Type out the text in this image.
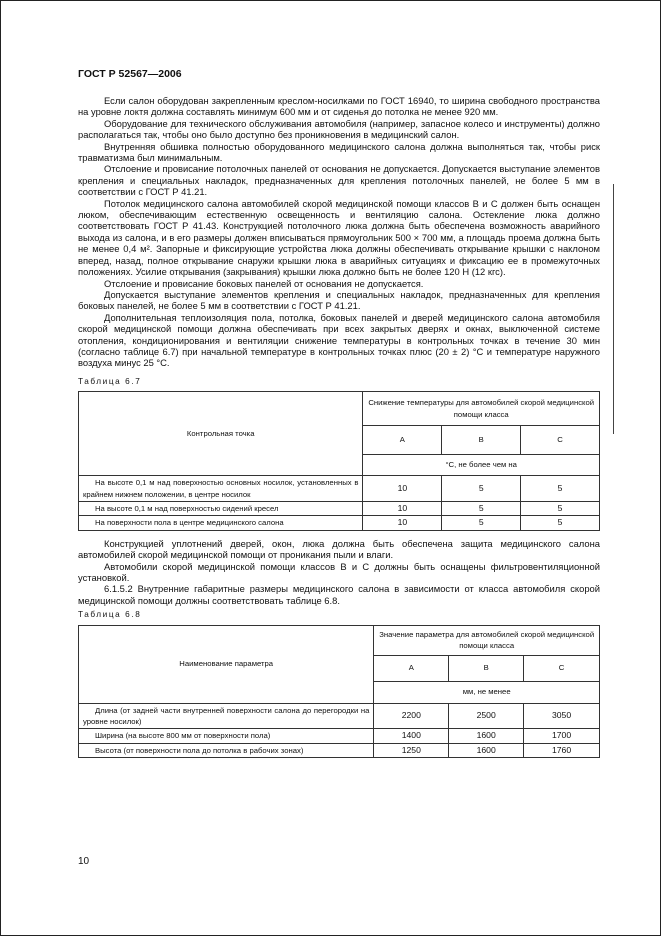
ГОСТ Р 52567—2006

Если салон оборудован закрепленным креслом-носилками по ГОСТ 16940, то ширина свободного пространства на уровне локтя должна составлять минимум 600 мм и от сиденья до потолка не менее 920 мм.

Оборудование для технического обслуживания автомобиля (например, запасное колесо и инструменты) должно располагаться так, чтобы оно было доступно без проникновения в медицинский салон.

Внутренняя обшивка полностью оборудованного медицинского салона должна выполняться так, чтобы риск травматизма был минимальным.

Отслоение и провисание потолочных панелей от основания не допускается. Допускается выступание элементов крепления и специальных накладок, предназначенных для крепления потолочных панелей, не более 5 мм в соответствии с ГОСТ Р 41.21.

Потолок медицинского салона автомобилей скорой медицинской помощи классов В и С должен быть оснащен люком, обеспечивающим естественную освещенность и вентиляцию салона. Остекление люка должно соответствовать ГОСТ Р 41.43. Конструкцией потолочного люка должна быть обеспечена возможность аварийного выхода из салона, и в его размеры должен вписываться прямоугольник 500 × 700 мм, а площадь проема должна быть не менее 0,4 м². Запорные и фиксирующие устройства люка должны обеспечивать открывание крышки с наклоном вперед, назад, полное открывание снаружи крышки люка в аварийных ситуациях и фиксацию ее в промежуточных положениях. Усилие открывания (закрывания) крышки люка должно быть не более 120 Н (12 кгс).

Отслоение и провисание боковых панелей от основания не допускается.

Допускается выступание элементов крепления и специальных накладок, предназначенных для крепления боковых панелей, не более 5 мм в соответствии с ГОСТ Р 41.21.

Дополнительная теплоизоляция пола, потолка, боковых панелей и дверей медицинского салона автомобиля скорой медицинской помощи должна обеспечивать при всех закрытых дверях и окнах, выключенной системе отопления, кондиционирования и вентиляции снижение температуры в контрольных точках в течение 30 мин (согласно таблице 6.7) при начальной температуре в контрольных точках плюс (20 ± 2) °С и температуре наружного воздуха минус 25 °С.

Таблица 6.7

Контрольная точка	Снижение температуры для автомобилей скорой медицинской помощи класса		
	А	В	С
	°С, не более чем на		
На высоте 0,1 м над поверхностью основных носилок, установленных в крайнем нижнем положении, в центре носилок	10	5	5
На высоте 0,1 м над поверхностью сидений кресел	10	5	5
На поверхности пола в центре медицинского салона	10	5	5

Конструкцией уплотнений дверей, окон, люка должна быть обеспечена защита медицинского салона автомобилей скорой медицинской помощи от проникания пыли и влаги.

Автомобили скорой медицинской помощи классов В и С должны быть оснащены фильтровентиляционной установкой.

6.1.5.2 Внутренние габаритные размеры медицинского салона в зависимости от класса автомобиля скорой медицинской помощи должны соответствовать таблице 6.8.

Таблица 6.8

Наименование параметра	Значение параметра для автомобилей скорой медицинской помощи класса		
	А	В	С
	мм, не менее		
Длина (от задней части внутренней поверхности салона до перегородки на уровне носилок)	2200	2500	3050
Ширина (на высоте 800 мм от поверхности пола)	1400	1600	1700
Высота (от поверхности пола до потолка в рабочих зонах)	1250	1600	1760
10
